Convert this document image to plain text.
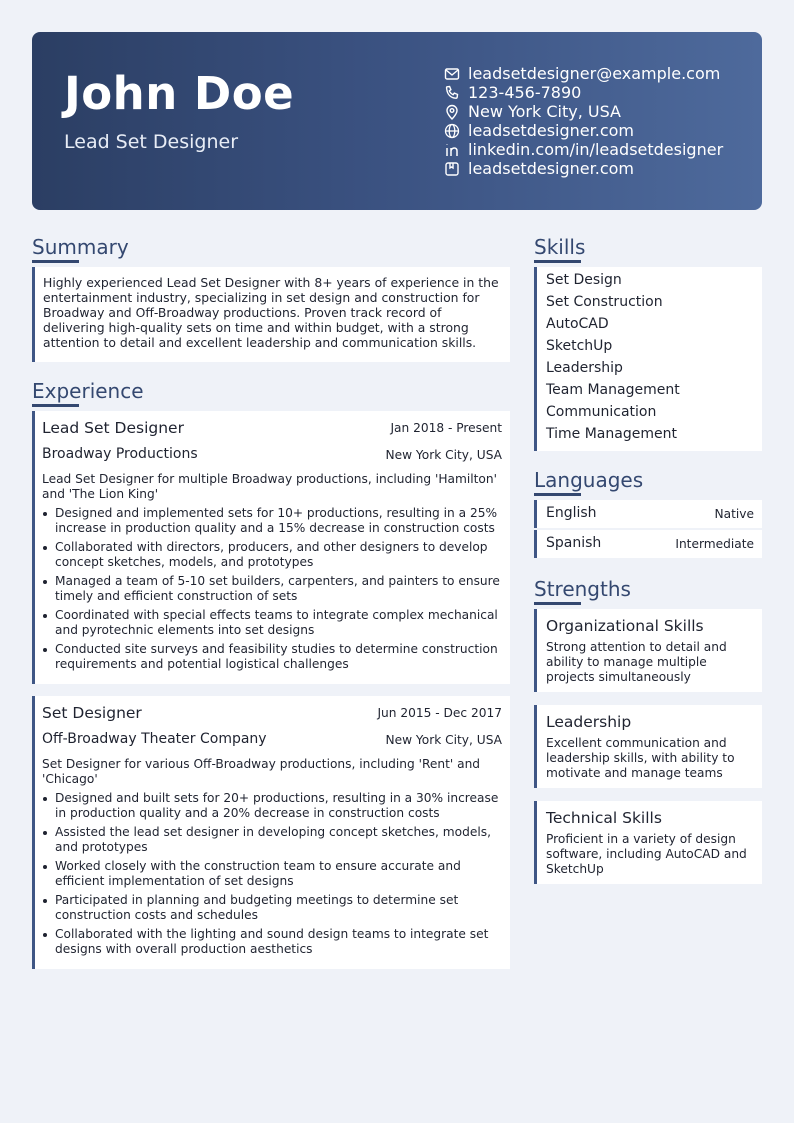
John Doe
Lead Set Designer
leadsetdesigner@example.com
123-456-7890
New York City, USA
leadsetdesigner.com
linkedin.com/in/leadsetdesigner
leadsetdesigner.com
Summary
Highly experienced Lead Set Designer with 8+ years of experience in the entertainment industry, specializing in set design and construction for Broadway and Off-Broadway productions. Proven track record of delivering high-quality sets on time and within budget, with a strong attention to detail and excellent leadership and communication skills.
Experience
Lead Set Designer	Jan 2018 - Present
Broadway Productions	New York City, USA
Lead Set Designer for multiple Broadway productions, including 'Hamilton' and 'The Lion King'
Designed and implemented sets for 10+ productions, resulting in a 25% increase in production quality and a 15% decrease in construction costs
Collaborated with directors, producers, and other designers to develop concept sketches, models, and prototypes
Managed a team of 5-10 set builders, carpenters, and painters to ensure timely and efficient construction of sets
Coordinated with special effects teams to integrate complex mechanical and pyrotechnic elements into set designs
Conducted site surveys and feasibility studies to determine construction requirements and potential logistical challenges
Set Designer	Jun 2015 - Dec 2017
Off-Broadway Theater Company	New York City, USA
Set Designer for various Off-Broadway productions, including 'Rent' and 'Chicago'
Designed and built sets for 20+ productions, resulting in a 30% increase in production quality and a 20% decrease in construction costs
Assisted the lead set designer in developing concept sketches, models, and prototypes
Worked closely with the construction team to ensure accurate and efficient implementation of set designs
Participated in planning and budgeting meetings to determine set construction costs and schedules
Collaborated with the lighting and sound design teams to integrate set designs with overall production aesthetics
Skills
Set Design
Set Construction
AutoCAD
SketchUp
Leadership
Team Management
Communication
Time Management
Languages
English	Native
Spanish	Intermediate
Strengths
Organizational Skills
Strong attention to detail and ability to manage multiple projects simultaneously
Leadership
Excellent communication and leadership skills, with ability to motivate and manage teams
Technical Skills
Proficient in a variety of design software, including AutoCAD and SketchUp
